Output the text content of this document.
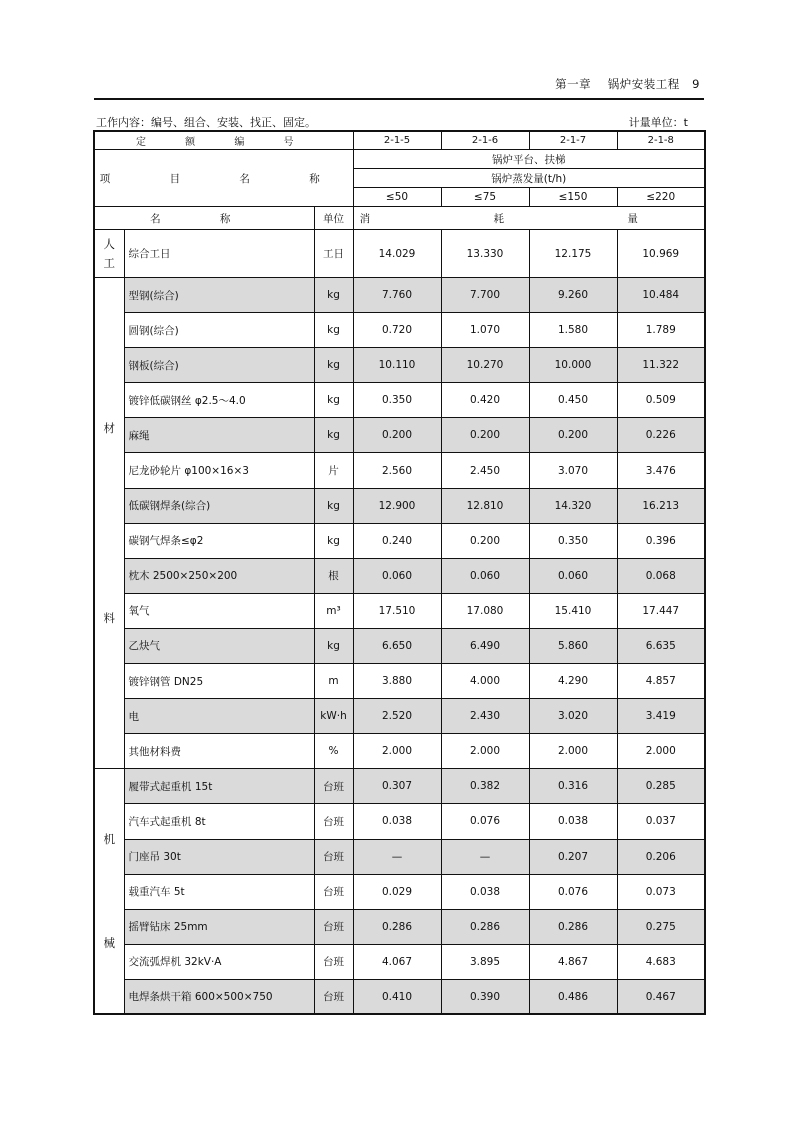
第一章 锅炉安装工程 9
工作内容：编号、组合、安装、找正、固定。	计量单位：t
定 额 编 号			2-1-5	2-1-6	2-1-7	2-1-8
项 目 名 称			锅炉平台、扶梯			
			锅炉蒸发量(t/h)			
			≤50	≤75	≤150	≤220
名 称		单位	消 耗 量			

人
工	综合工日	工日	14.029	13.330	12.175	10.969

材
料	型钢(综合)	kg	7.760	7.700	9.260	10.484
	圆钢(综合)	kg	0.720	1.070	1.580	1.789
	钢板(综合)	kg	10.110	10.270	10.000	11.322
	镀锌低碳钢丝 φ2.5～4.0	kg	0.350	0.420	0.450	0.509
	麻绳	kg	0.200	0.200	0.200	0.226
	尼龙砂轮片 φ100×16×3	片	2.560	2.450	3.070	3.476
	低碳钢焊条(综合)	kg	12.900	12.810	14.320	16.213
	碳钢气焊条≤φ2	kg	0.240	0.200	0.350	0.396
	枕木 2500×250×200	根	0.060	0.060	0.060	0.068
	氧气	m³	17.510	17.080	15.410	17.447
	乙炔气	kg	6.650	6.490	5.860	6.635
	镀锌钢管 DN25	m	3.880	4.000	4.290	4.857
	电	kW·h	2.520	2.430	3.020	3.419
	其他材料费	%	2.000	2.000	2.000	2.000

机
械	履带式起重机 15t	台班	0.307	0.382	0.316	0.285
	汽车式起重机 8t	台班	0.038	0.076	0.038	0.037
	门座吊 30t	台班	—	—	0.207	0.206
	载重汽车 5t	台班	0.029	0.038	0.076	0.073
	摇臂钻床 25mm	台班	0.286	0.286	0.286	0.275
	交流弧焊机 32kV·A	台班	4.067	3.895	4.867	4.683
	电焊条烘干箱 600×500×750	台班	0.410	0.390	0.486	0.467
